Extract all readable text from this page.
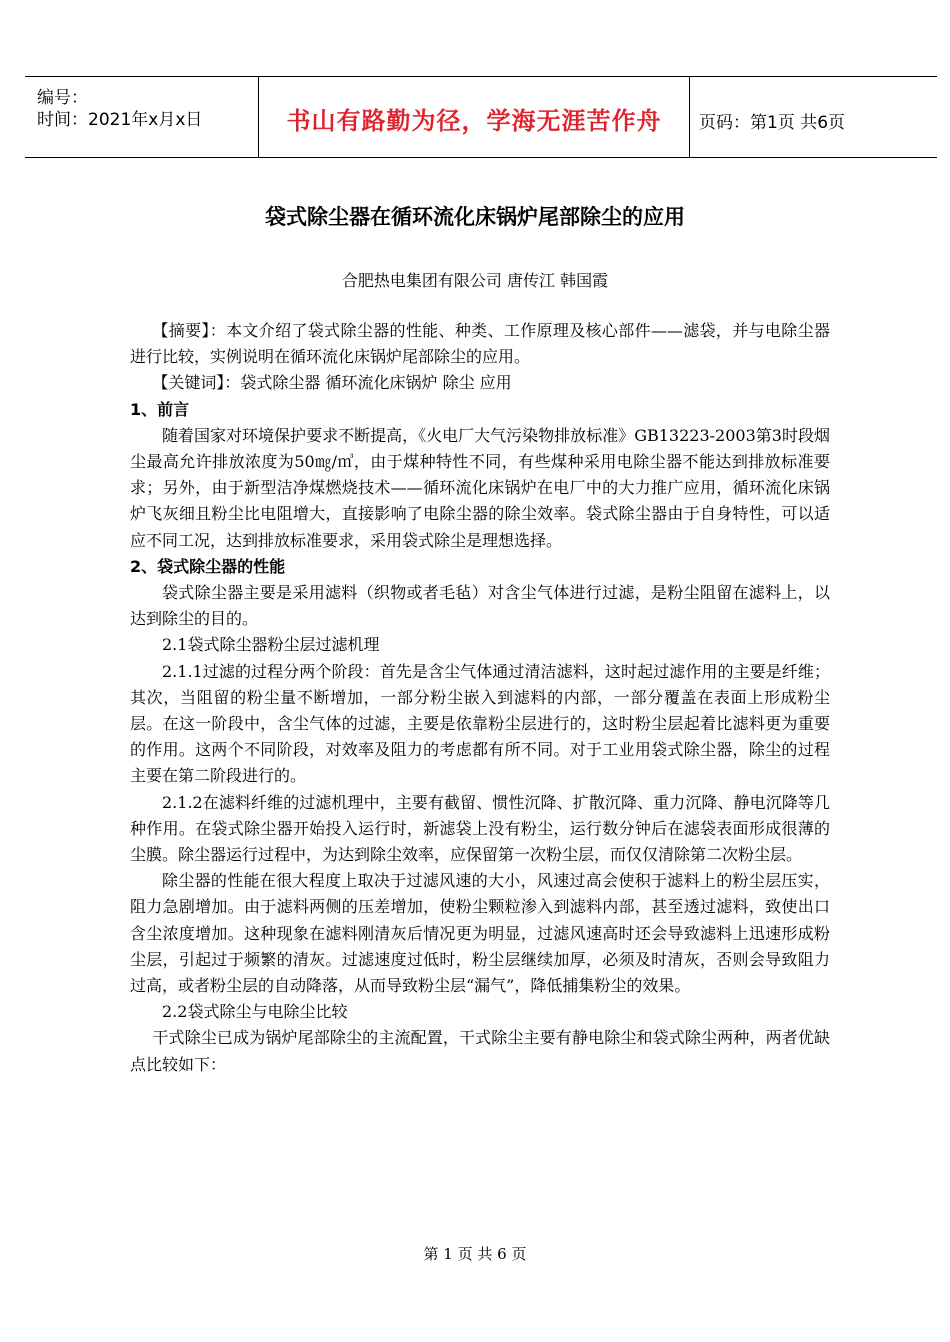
编号：
时间：2021年x月x日	书山有路勤为径，学海无涯苦作舟	页码：第1页 共6页
袋式除尘器在循环流化床锅炉尾部除尘的应用
合肥热电集团有限公司 唐传江 韩国霞

【摘要】：本文介绍了袋式除尘器的性能、种类、工作原理及核心部件——滤袋，并与电除尘器进行比较，实例说明在循环流化床锅炉尾部除尘的应用。

【关键词】：袋式除尘器 循环流化床锅炉 除尘 应用

1、前言

随着国家对环境保护要求不断提高，《火电厂大气污染物排放标准》GB13223-2003第3时段烟尘最高允许排放浓度为50㎎/㎥，由于煤种特性不同，有些煤种采用电除尘器不能达到排放标准要求；另外，由于新型洁净煤燃烧技术——循环流化床锅炉在电厂中的大力推广应用，循环流化床锅炉飞灰细且粉尘比电阻增大，直接影响了电除尘器的除尘效率。袋式除尘器由于自身特性，可以适应不同工况，达到排放标准要求，采用袋式除尘是理想选择。

2、袋式除尘器的性能

袋式除尘器主要是采用滤料（织物或者毛毡）对含尘气体进行过滤，是粉尘阻留在滤料上，以达到除尘的目的。

2.1袋式除尘器粉尘层过滤机理

2.1.1过滤的过程分两个阶段：首先是含尘气体通过清洁滤料，这时起过滤作用的主要是纤维；其次，当阻留的粉尘量不断增加，一部分粉尘嵌入到滤料的内部，一部分覆盖在表面上形成粉尘层。在这一阶段中，含尘气体的过滤，主要是依靠粉尘层进行的，这时粉尘层起着比滤料更为重要的作用。这两个不同阶段，对效率及阻力的考虑都有所不同。对于工业用袋式除尘器，除尘的过程主要在第二阶段进行的。

2.1.2在滤料纤维的过滤机理中，主要有截留、惯性沉降、扩散沉降、重力沉降、静电沉降等几种作用。在袋式除尘器开始投入运行时，新滤袋上没有粉尘，运行数分钟后在滤袋表面形成很薄的尘膜。除尘器运行过程中，为达到除尘效率，应保留第一次粉尘层，而仅仅清除第二次粉尘层。

除尘器的性能在很大程度上取决于过滤风速的大小，风速过高会使积于滤料上的粉尘层压实，阻力急剧增加。由于滤料两侧的压差增加，使粉尘颗粒渗入到滤料内部，甚至透过滤料，致使出口含尘浓度增加。这种现象在滤料刚清灰后情况更为明显，过滤风速高时还会导致滤料上迅速形成粉尘层，引起过于频繁的清灰。过滤速度过低时，粉尘层继续加厚，必须及时清灰，否则会导致阻力过高，或者粉尘层的自动降落，从而导致粉尘层“漏气”，降低捕集粉尘的效果。

2.2袋式除尘与电除尘比较

干式除尘已成为锅炉尾部除尘的主流配置，干式除尘主要有静电除尘和袋式除尘两种，两者优缺点比较如下：

第 1 页 共 6 页
